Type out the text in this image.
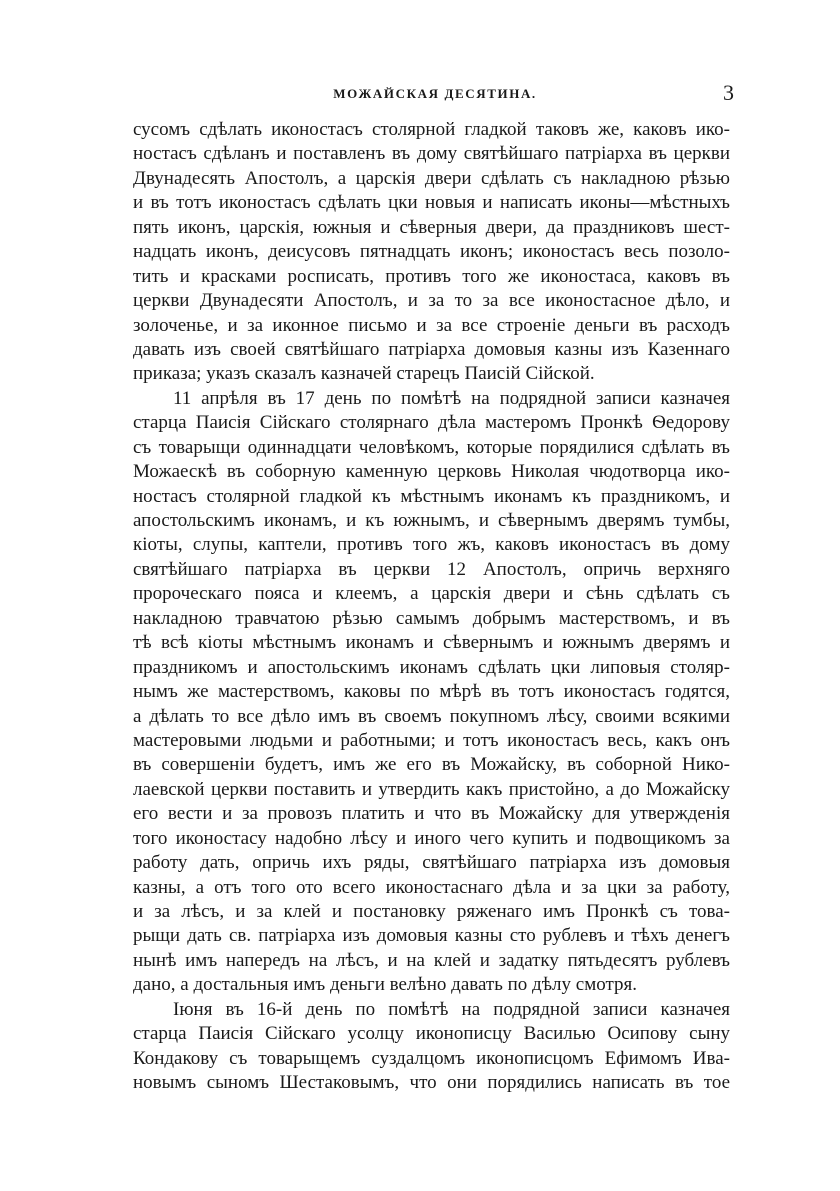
МОЖАЙСКАЯ ДЕСЯТИНА.	3
сусомъ сдѣлать иконостасъ столярной гладкой таковъ же, каковъ ико-
ностасъ сдѣланъ и поставленъ въ дому святѣйшаго патріарха въ церкви
Двунадесять Апостолъ, а царскія двери сдѣлать съ накладною рѣзью
и въ тотъ иконостасъ сдѣлать цки новыя и написать иконы—мѣстныхъ
пять иконъ, царскія, южныя и сѣверныя двери, да праздниковъ шест-
надцать иконъ, деисусовъ пятнадцать иконъ; иконостасъ весь позоло-
тить и красками росписать, противъ того же иконостаса, каковъ въ
церкви Двунадесяти Апостолъ, и за то за все иконостасное дѣло, и
золоченье, и за иконное письмо и за все строеніе деньги въ расходъ
давать изъ своей святѣйшаго патріарха домовыя казны изъ Казеннаго
приказа; указъ сказалъ казначей старецъ Паисій Сійской.
11 апрѣля въ 17 день по помѣтѣ на подрядной записи казначея
старца Паисія Сійскаго столярнаго дѣла мастеромъ Пронкѣ Ѳедорову
съ товарыщи одиннадцати человѣкомъ, которые порядилися сдѣлать въ
Можаескѣ въ соборную каменную церковь Николая чюдотворца ико-
ностасъ столярной гладкой къ мѣстнымъ иконамъ къ праздникомъ, и
апостольскимъ иконамъ, и къ южнымъ, и сѣвернымъ дверямъ тумбы,
кіоты, слупы, каптели, противъ того жъ, каковъ иконостасъ въ дому
святѣйшаго патріарха въ церкви 12 Апостолъ, опричь верхняго
пророческаго пояса и клеемъ, а царскія двери и сѣнь сдѣлать съ
накладною травчатою рѣзью самымъ добрымъ мастерствомъ, и въ
тѣ всѣ кіоты мѣстнымъ иконамъ и сѣвернымъ и южнымъ дверямъ и
праздникомъ и апостольскимъ иконамъ сдѣлать цки липовыя столяр-
нымъ же мастерствомъ, каковы по мѣрѣ въ тотъ иконостасъ годятся,
а дѣлать то все дѣло имъ въ своемъ покупномъ лѣсу, своими всякими
мастеровыми людьми и работными; и тотъ иконостасъ весь, какъ онъ
въ совершеніи будетъ, имъ же его въ Можайску, въ соборной Нико-
лаевской церкви поставить и утвердить какъ пристойно, а до Можайску
его вести и за провозъ платить и что въ Можайску для утвержденія
того иконостасу надобно лѣсу и иного чего купить и подвощикомъ за
работу дать, опричь ихъ ряды, святѣйшаго патріарха изъ домовыя
казны, а отъ того ото всего иконостаснаго дѣла и за цки за работу,
и за лѣсъ, и за клей и постановку ряженаго имъ Пронкѣ съ това-
рыщи дать св. патріарха изъ домовыя казны сто рублевъ и тѣхъ денегъ
нынѣ имъ напередъ на лѣсъ, и на клей и задатку пятьдесятъ рублевъ
дано, а достальныя имъ деньги велѣно давать по дѣлу смотря.
Іюня въ 16-й день по помѣтѣ на подрядной записи казначея
старца Паисія Сійскаго усолцу иконописцу Василью Осипову сыну
Кондакову съ товарыщемъ суздалцомъ иконописцомъ Ефимомъ Ива-
новымъ сыномъ Шестаковымъ, что они порядились написать въ тое
